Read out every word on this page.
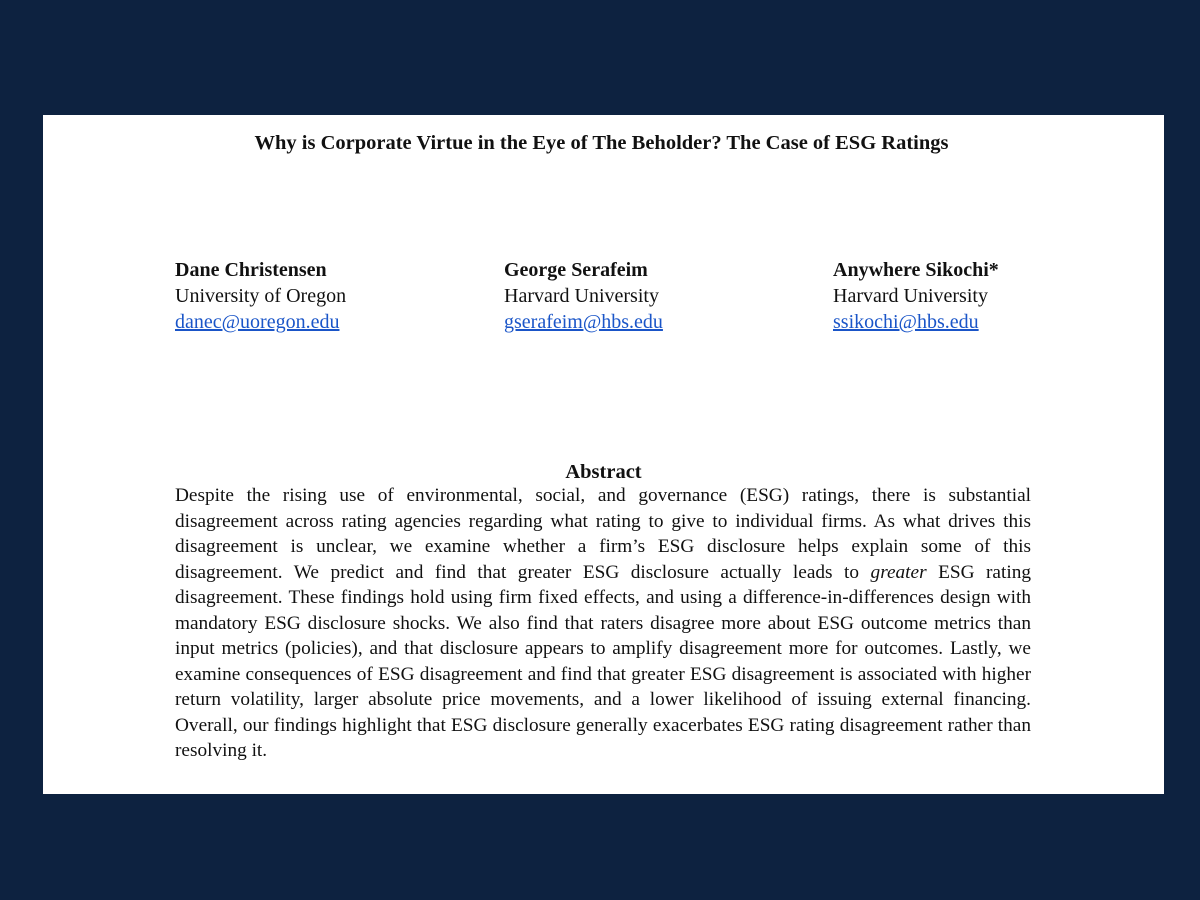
Why is Corporate Virtue in the Eye of The Beholder? The Case of ESG Ratings
Dane Christensen
University of Oregon
danec@uoregon.edu
George Serafeim
Harvard University
gserafeim@hbs.edu
Anywhere Sikochi*
Harvard University
ssikochi@hbs.edu
Abstract

Despite the rising use of environmental, social, and governance (ESG) ratings, there is substantial disagreement across rating agencies regarding what rating to give to individual firms. As what drives this disagreement is unclear, we examine whether a firm’s ESG disclosure helps explain some of this disagreement. We predict and find that greater ESG disclosure actually leads to greater ESG rating disagreement. These findings hold using firm fixed effects, and using a difference-in-differences design with mandatory ESG disclosure shocks. We also find that raters disagree more about ESG outcome metrics than input metrics (policies), and that disclosure appears to amplify disagreement more for outcomes. Lastly, we examine consequences of ESG disagreement and find that greater ESG disagreement is associated with higher return volatility, larger absolute price movements, and a lower likelihood of issuing external financing. Overall, our findings highlight that ESG disclosure generally exacerbates ESG rating disagreement rather than resolving it.
